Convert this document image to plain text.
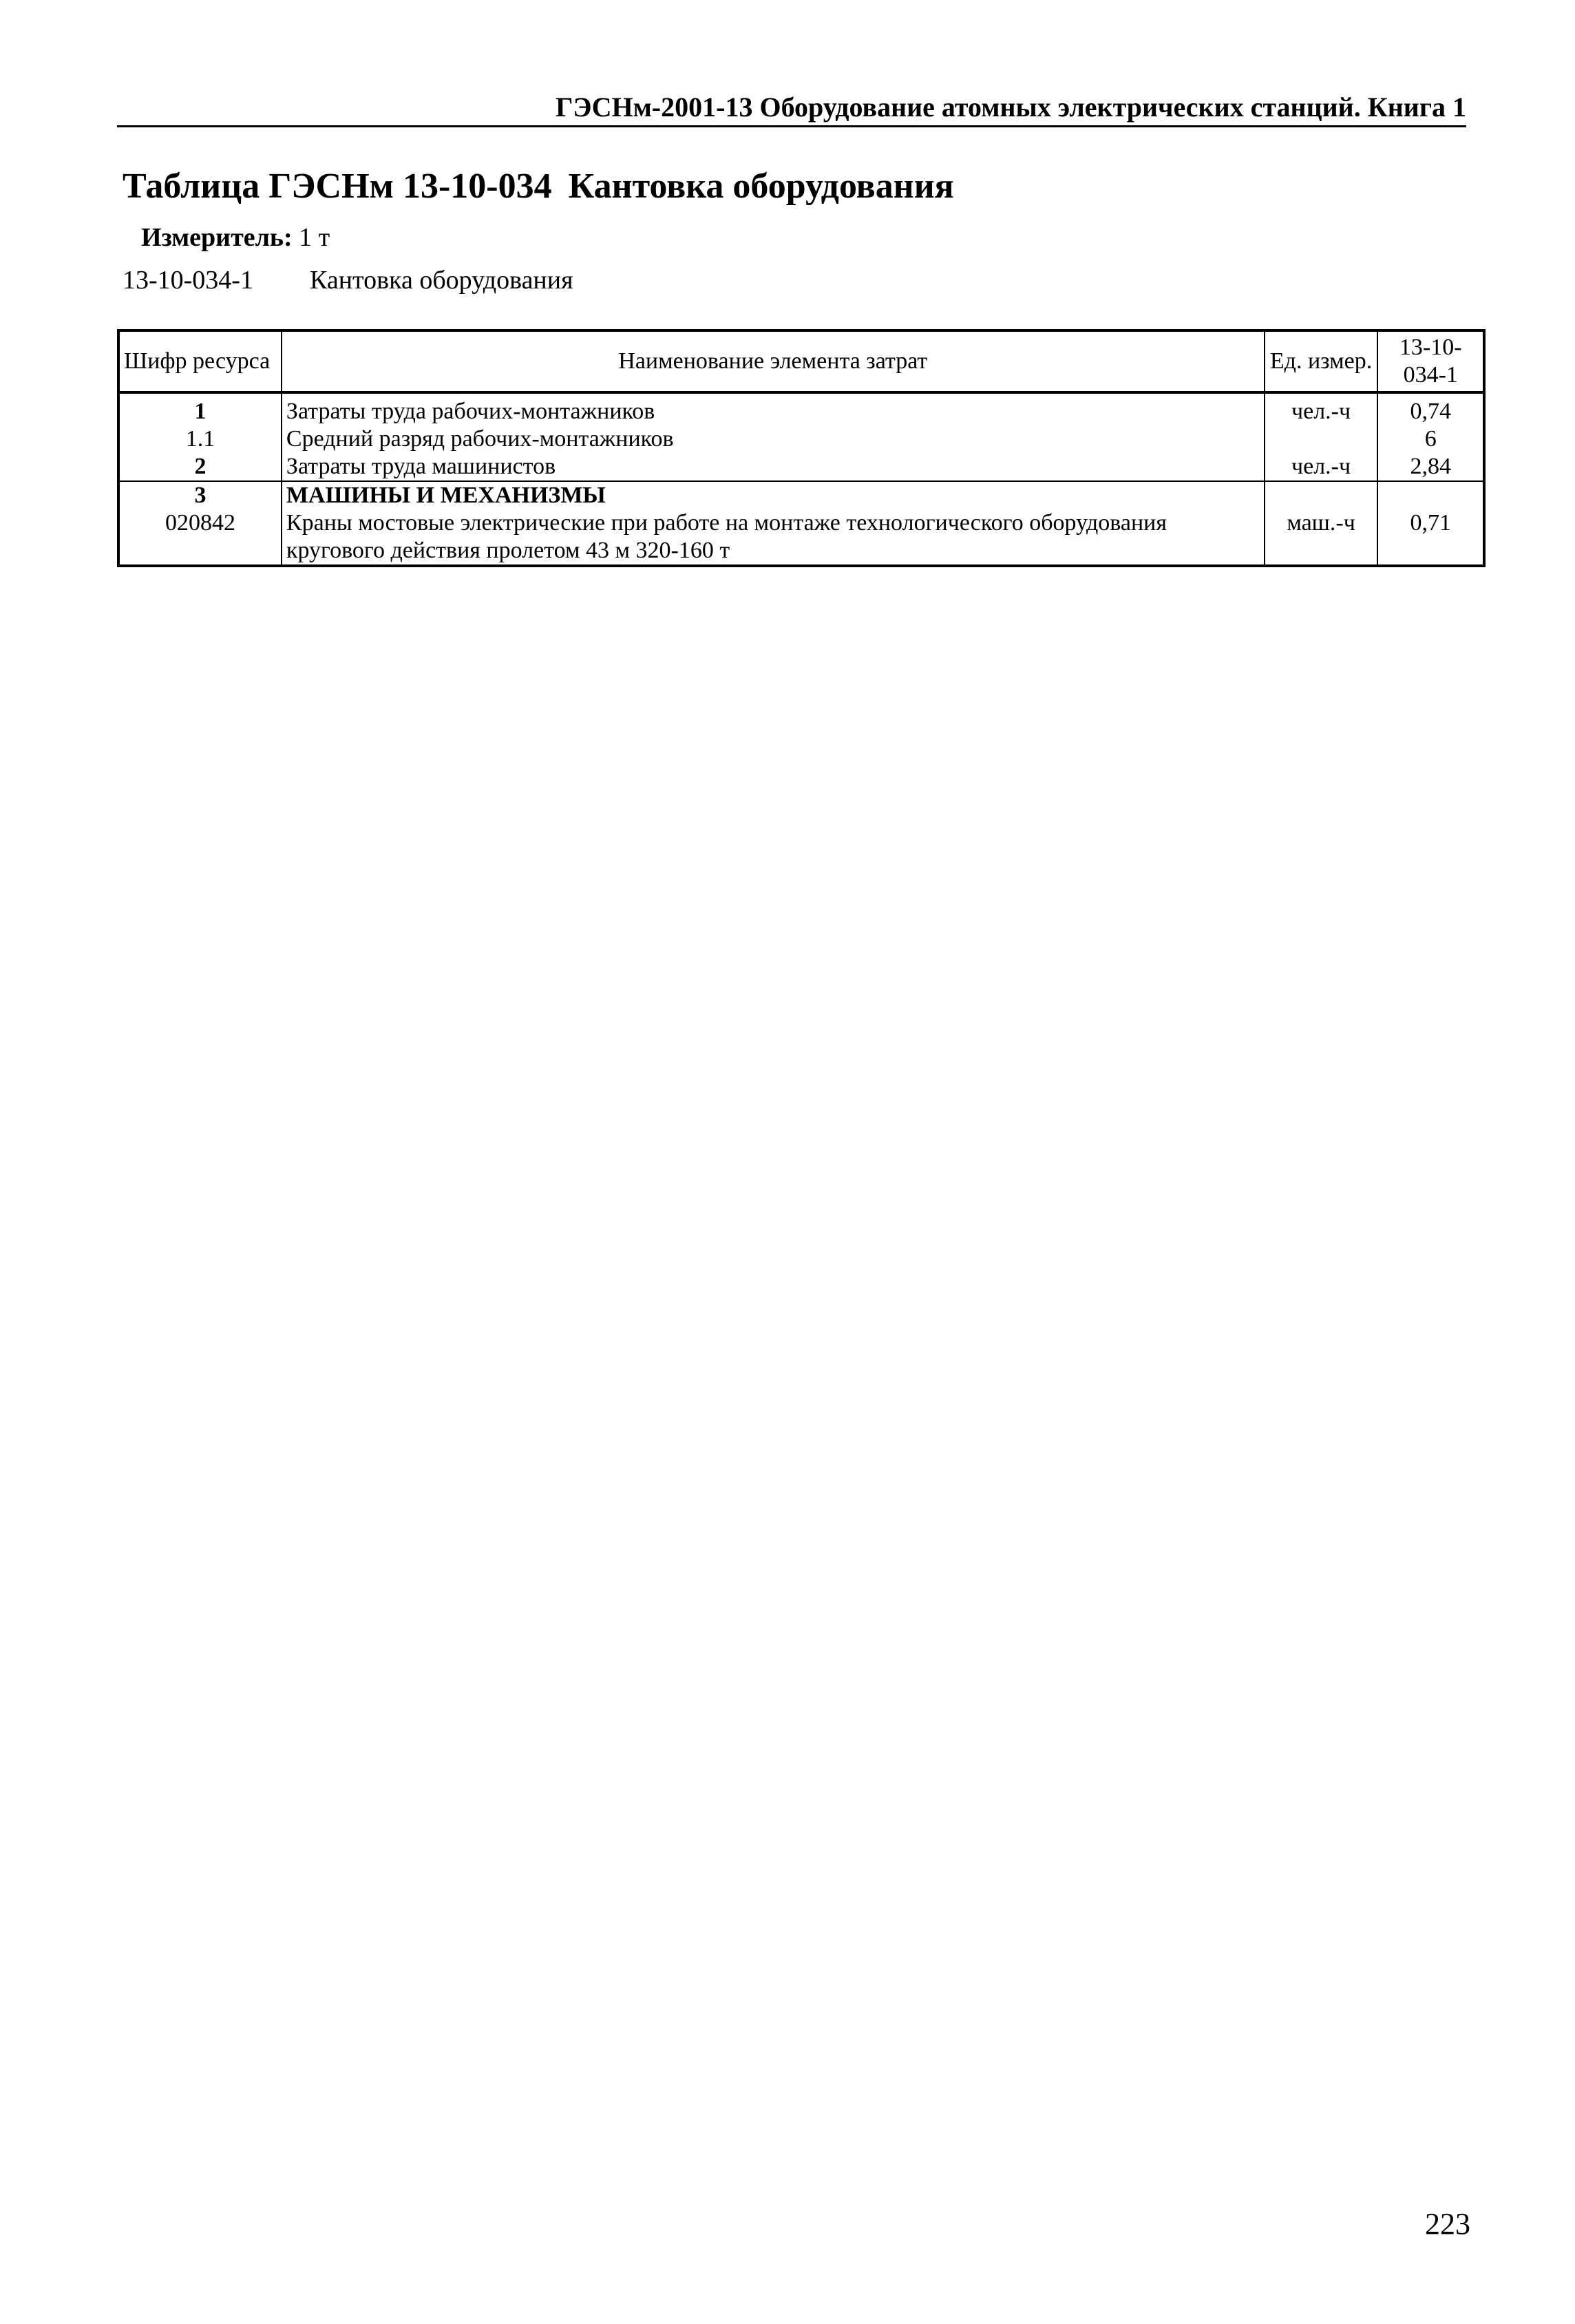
ГЭСНм-2001-13 Оборудование атомных электрических станций. Книга 1
Таблица ГЭСНм 13-10-034 Кантовка оборудования
Измеритель: 1 т
13-10-034-1 Кантовка оборудования
Шифр ресурса	Наименование элемента затрат	Ед. измер.	13-10-
034-1
1	Затраты труда рабочих-монтажников	чел.-ч	0,74
1.1	Средний разряд рабочих-монтажников		6
2	Затраты труда машинистов	чел.-ч	2,84
3	МАШИНЫ И МЕХАНИЗМЫ		
020842	Краны мостовые электрические при работе на монтаже технологического оборудования кругового действия пролетом 43 м 320-160 т	маш.-ч	0,71
223
